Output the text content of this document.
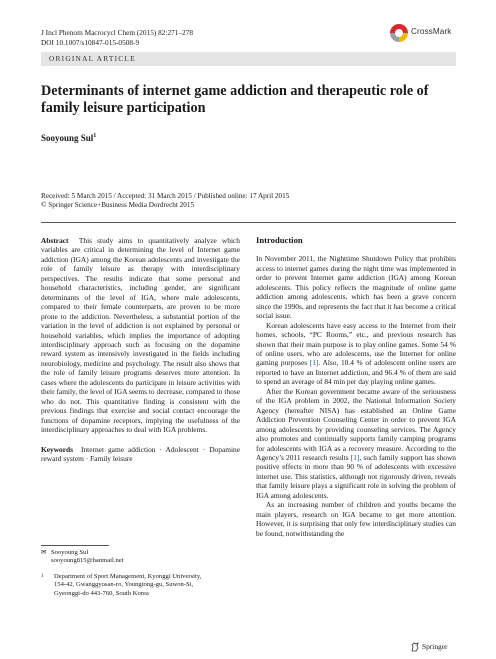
J Incl Phenom Macrocycl Chem (2015) 82:271–278
DOI 10.1007/s10847-015-0508-9
CrossMark
ORIGINAL ARTICLE
Determinants of internet game addiction and therapeutic role of family leisure participation
Sooyoung Sul$^1$
Received: 5 March 2015 / Accepted: 31 March 2015 / Published online: 17 April 2015
© Springer Science+Business Media Dordrecht 2015

Abstract This study aims to quantitatively analyze which variables are critical in determining the level of Internet game addiction (IGA) among the Korean adolescents and investigate the role of family leisure as therapy with interdisciplinary perspectives. The results indicate that some personal and household characteristics, including gender, are significant determinants of the level of IGA, where male adolescents, compared to their female counterparts, are proven to be more prone to the addiction. Nevertheless, a substantial portion of the variation in the level of addiction is not explained by personal or household variables, which implies the importance of adopting interdisciplinary approach such as focusing on the dopamine reward system as intensively investigated in the fields including neurobiology, medicine and psychology. The result also shows that the role of family leisure programs deserves more attention. In cases where the adolescents do participate in leisure activities with their family, the level of IGA seems to decrease, compared to those who do not. This quantitative finding is consistent with the previous findings that exercise and social contact encourage the functions of dopamine receptors, implying the usefulness of the interdisciplinary approaches to deal with IGA problems.

Keywords Internet game addiction · Adolescent · Dopamine reward system · Family leisure

✉ Sooyoung Sul
sooyoung815@hanmail.net
1 Department of Sport Management, Kyonggi University,
154-42, Gwanggyosan-ro, Youngtong-gu, Suwon-Si,
Gyeonggi-do 443-760, South Korea

Introduction

In November 2011, the Nighttime Shutdown Policy that prohibits access to internet games during the night time was implemented in order to prevent Internet game addiction (IGA) among Korean adolescents. This policy reflects the magnitude of online game addiction among adolescents, which has been a grave concern since the 1990s, and represents the fact that it has become a critical social issue.

Korean adolescents have easy access to the Internet from their homes, schools, “PC Rooms,” etc., and previous research has shown that their main purpose is to play online games. Some 54 % of online users, who are adolescents, use the Internet for online gaming purposes [1]. Also, 10.4 % of adolescent online users are reported to have an Internet addiction, and 96.4 % of them are said to spend an average of 84 min per day playing online games.

After the Korean government became aware of the seriousness of the IGA problem in 2002, the National Information Society Agency (hereafter NISA) has established an Online Game Addiction Prevention Counseling Center in order to prevent IGA among adolescents by providing counseling services. The Agency also promotes and continually supports family camping programs for adolescents with IGA as a recovery measure. According to the Agency’s 2011 research results [1], such family support has shown positive effects in more than 90 % of adolescents with excessive internet use. This statistics, although not rigorously driven, reveals that family leisure plays a significant role in solving the problem of IGA among adolescents.

As an increasing number of children and youths became the main players, research on IGA became to get more attention. However, it is surprising that only few interdisciplinary studies can be found, notwithstanding the

Springer
